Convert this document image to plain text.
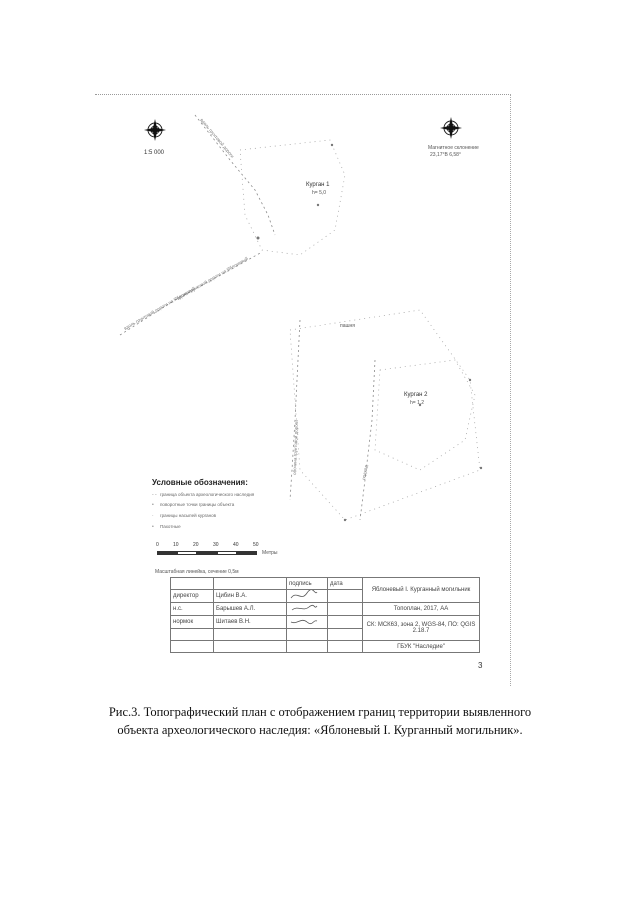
вдоль грунтовой дороги
вдоль грунтовой дороги на Яблоневый
вдоль грунтовой дороги на Яблоневый
обочина грунтовой дороги	подход
1:5 000
Магнитное склонение
23,17°В 6,58°
Курган 1
h= 5,0
Курган 2
h= 1,2
пашня
Условные обозначения:
- - граница объекта археологического наследия
• поворотные точки границы объекта
· границы насыпей курганов
• Пахотные
0	10	20	30	40	50
Метры
Масштабная линейка, сечение 0,5м
		подпись	дата	Яблоневый I. Курганный могильник
директор	Цибин В.А.		
н.с.	Барышев А.Л.			Топоплан, 2017, АА
нормок	Шитаев В.Н.			СК: МСК63, зона 2, WGS-84, ПО: QGIS 2.18.7

				ГБУК "Наследие"
3
Рис.3. Топографический план с отображением границ территории выявленного объекта археологического наследия: «Яблоневый I. Курганный могильник».
